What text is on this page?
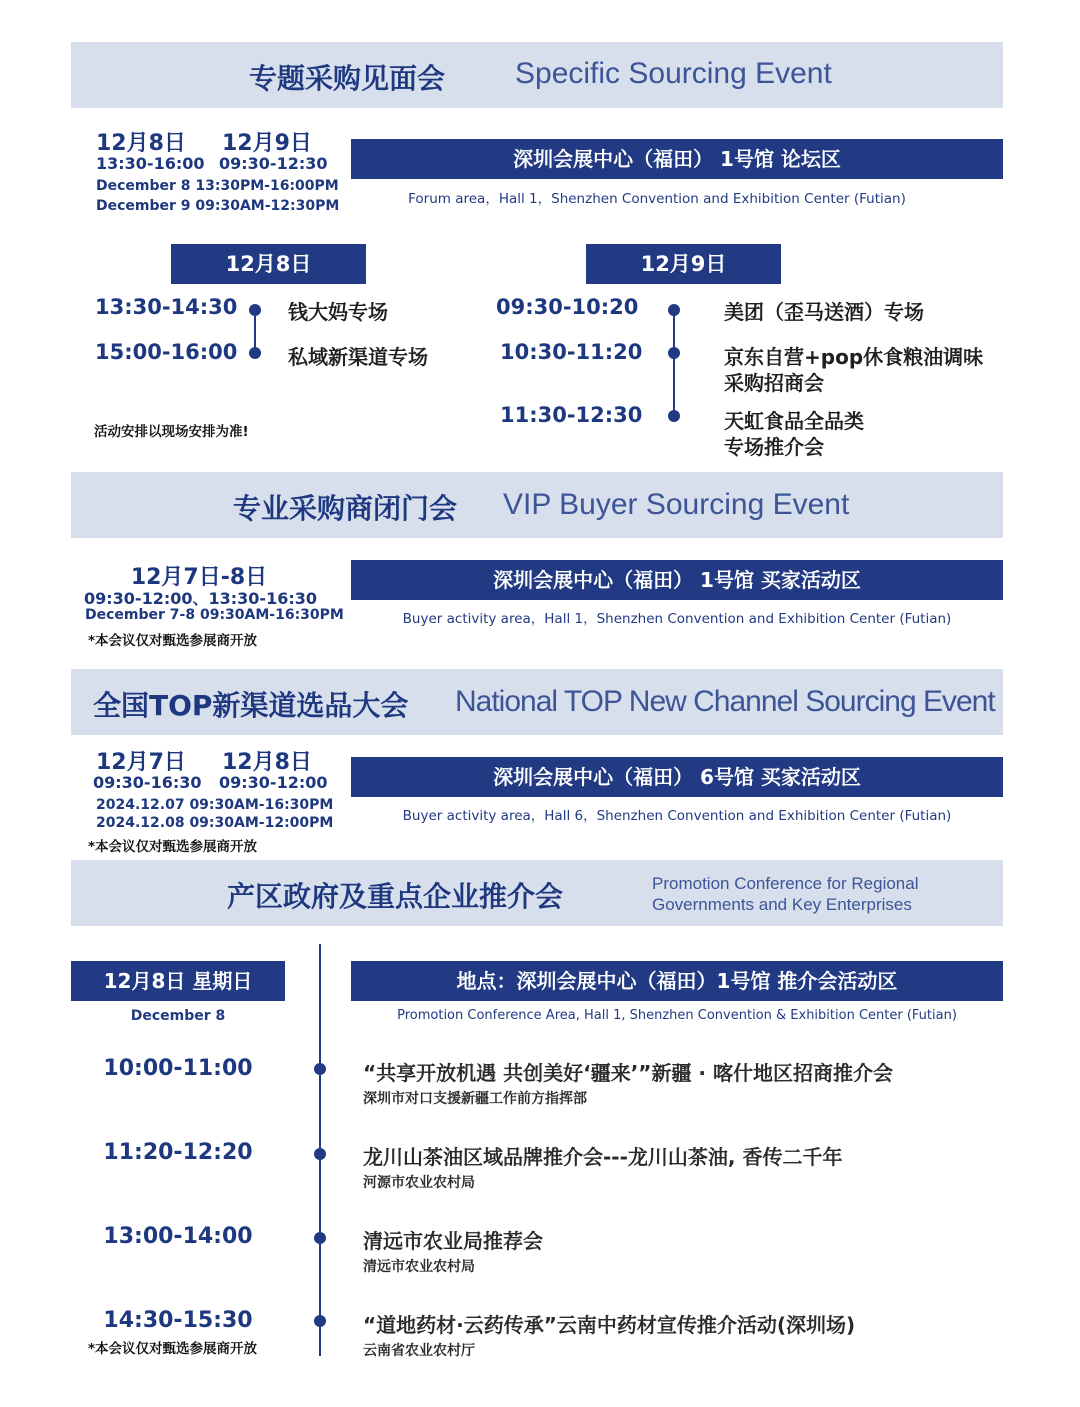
专题采购见面会 Specific Sourcing Event
12月8日
13:30-16:00
12月9日
09:30-12:30
December 8 13:30PM-16:00PM
December 9 09:30AM-12:30PM
深圳会展中心（福田） 1号馆 论坛区
Forum area，Hall 1，Shenzhen Convention and Exhibition Center (Futian)
12月8日	12月9日
13:30-14:30	钱大妈专场
15:00-16:00	私域新渠道专场
活动安排以现场安排为准!
09:30-10:20	美团（歪马送酒）专场
10:30-11:20	京东自营+pop休食粮油调味
采购招商会
11:30-12:30	天虹食品全品类
专场推介会
专业采购商闭门会 VIP Buyer Sourcing Event
12月7日-8日
09:30-12:00、13:30-16:30
December 7-8 09:30AM-16:30PM
*本会议仅对甄选参展商开放
深圳会展中心（福田） 1号馆 买家活动区
Buyer activity area，Hall 1，Shenzhen Convention and Exhibition Center (Futian)
全国TOP新渠道选品大会 National TOP New Channel Sourcing Event
12月7日
09:30-16:30
12月8日
09:30-12:00
2024.12.07 09:30AM-16:30PM
2024.12.08 09:30AM-12:00PM
*本会议仅对甄选参展商开放
深圳会展中心（福田） 6号馆 买家活动区
Buyer activity area，Hall 6，Shenzhen Convention and Exhibition Center (Futian)
产区政府及重点企业推介会	Promotion Conference for Regional
Governments and Key Enterprises
12月8日 星期日
December 8
地点：深圳会展中心（福田）1号馆 推介会活动区
Promotion Conference Area, Hall 1, Shenzhen Convention & Exhibition Center (Futian)
10:00-11:00	“共享开放机遇 共创美好‘疆来’”新疆 · 喀什地区招商推介会
深圳市对口支援新疆工作前方指挥部
11:20-12:20	龙川山茶油区域品牌推介会---龙川山茶油, 香传二千年
河源市农业农村局
13:00-14:00	清远市农业局推荐会
清远市农业农村局
14:30-15:30	“道地药材·云药传承”云南中药材宣传推介活动(深圳场)
云南省农业农村厅
*本会议仅对甄选参展商开放
